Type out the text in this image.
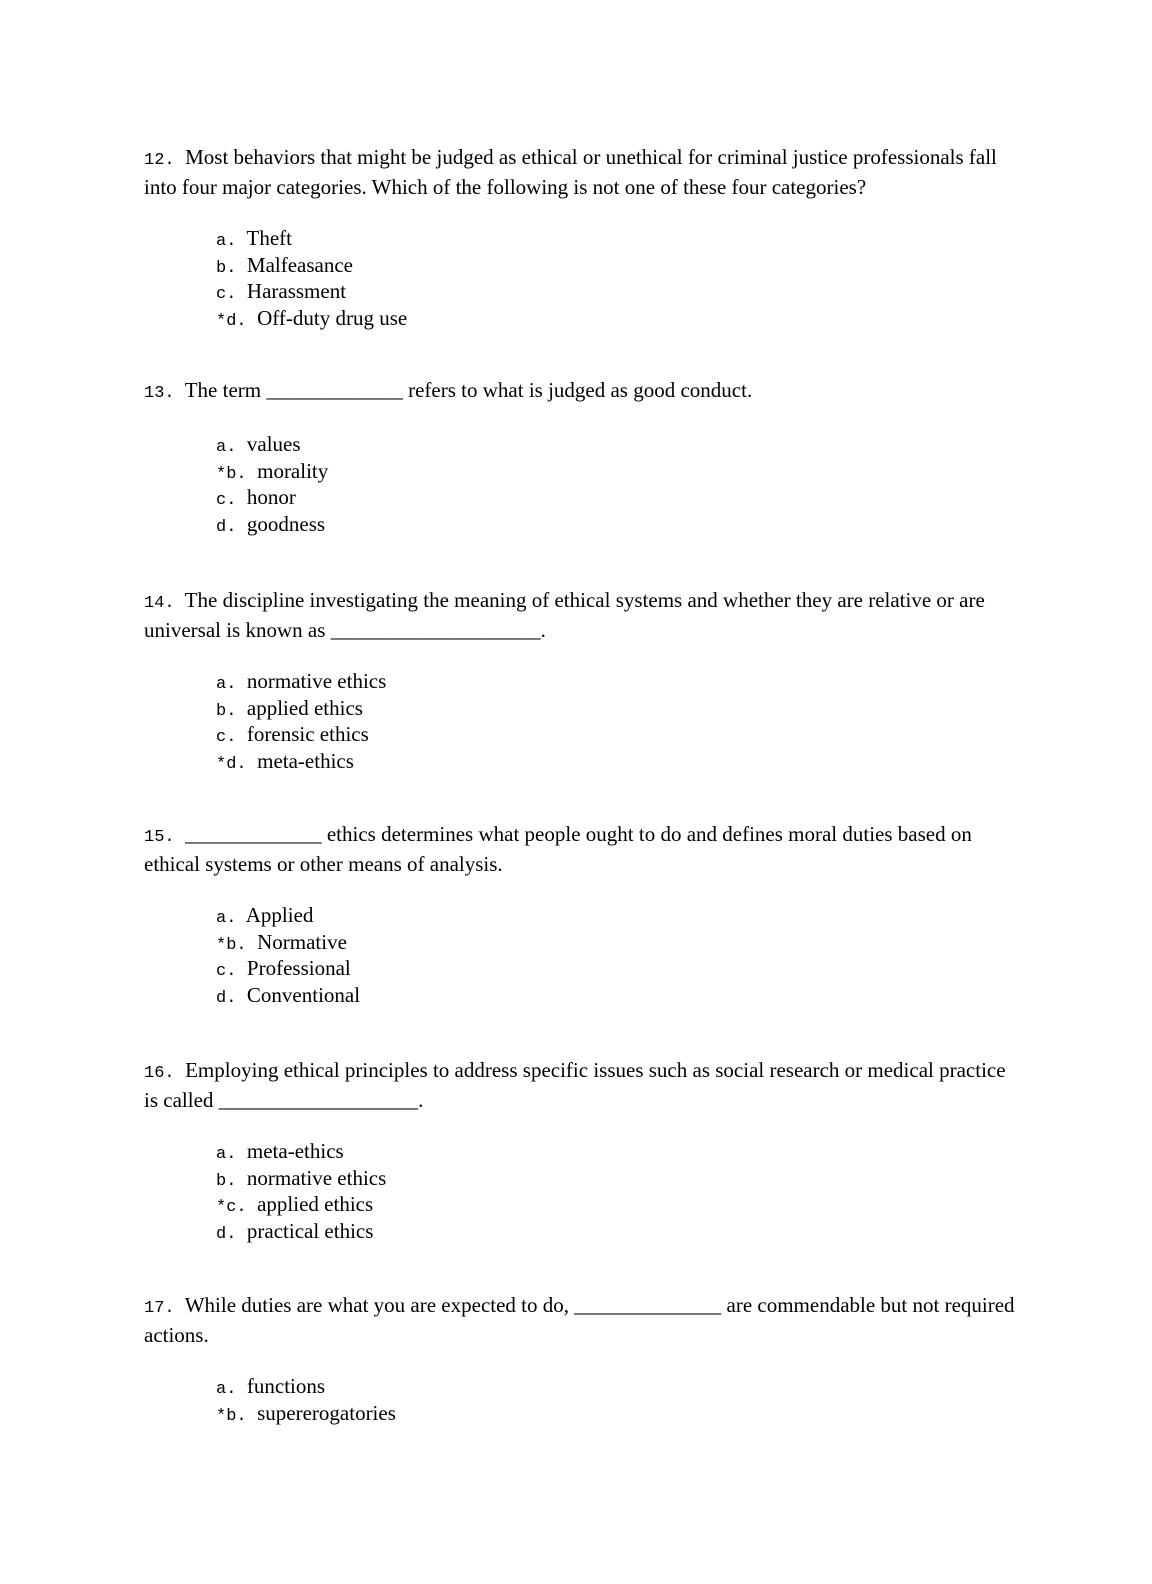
12. Most behaviors that might be judged as ethical or unethical for criminal justice professionals fall into four major categories. Which of the following is not one of these four categories?

a. Theft
b. Malfeasance
c. Harassment
*d. Off-duty drug use

13. The term _____________ refers to what is judged as good conduct.

a. values
*b. morality
c. honor
d. goodness

14. The discipline investigating the meaning of ethical systems and whether they are relative or are universal is known as ____________________.

a. normative ethics
b. applied ethics
c. forensic ethics
*d. meta-ethics

15. _____________ ethics determines what people ought to do and defines moral duties based on ethical systems or other means of analysis.

a. Applied
*b. Normative
c. Professional
d. Conventional

16. Employing ethical principles to address specific issues such as social research or medical practice is called ___________________.

a. meta-ethics
b. normative ethics
*c. applied ethics
d. practical ethics

17. While duties are what you are expected to do, ______________ are commendable but not required actions.

a. functions
*b. supererogatories
